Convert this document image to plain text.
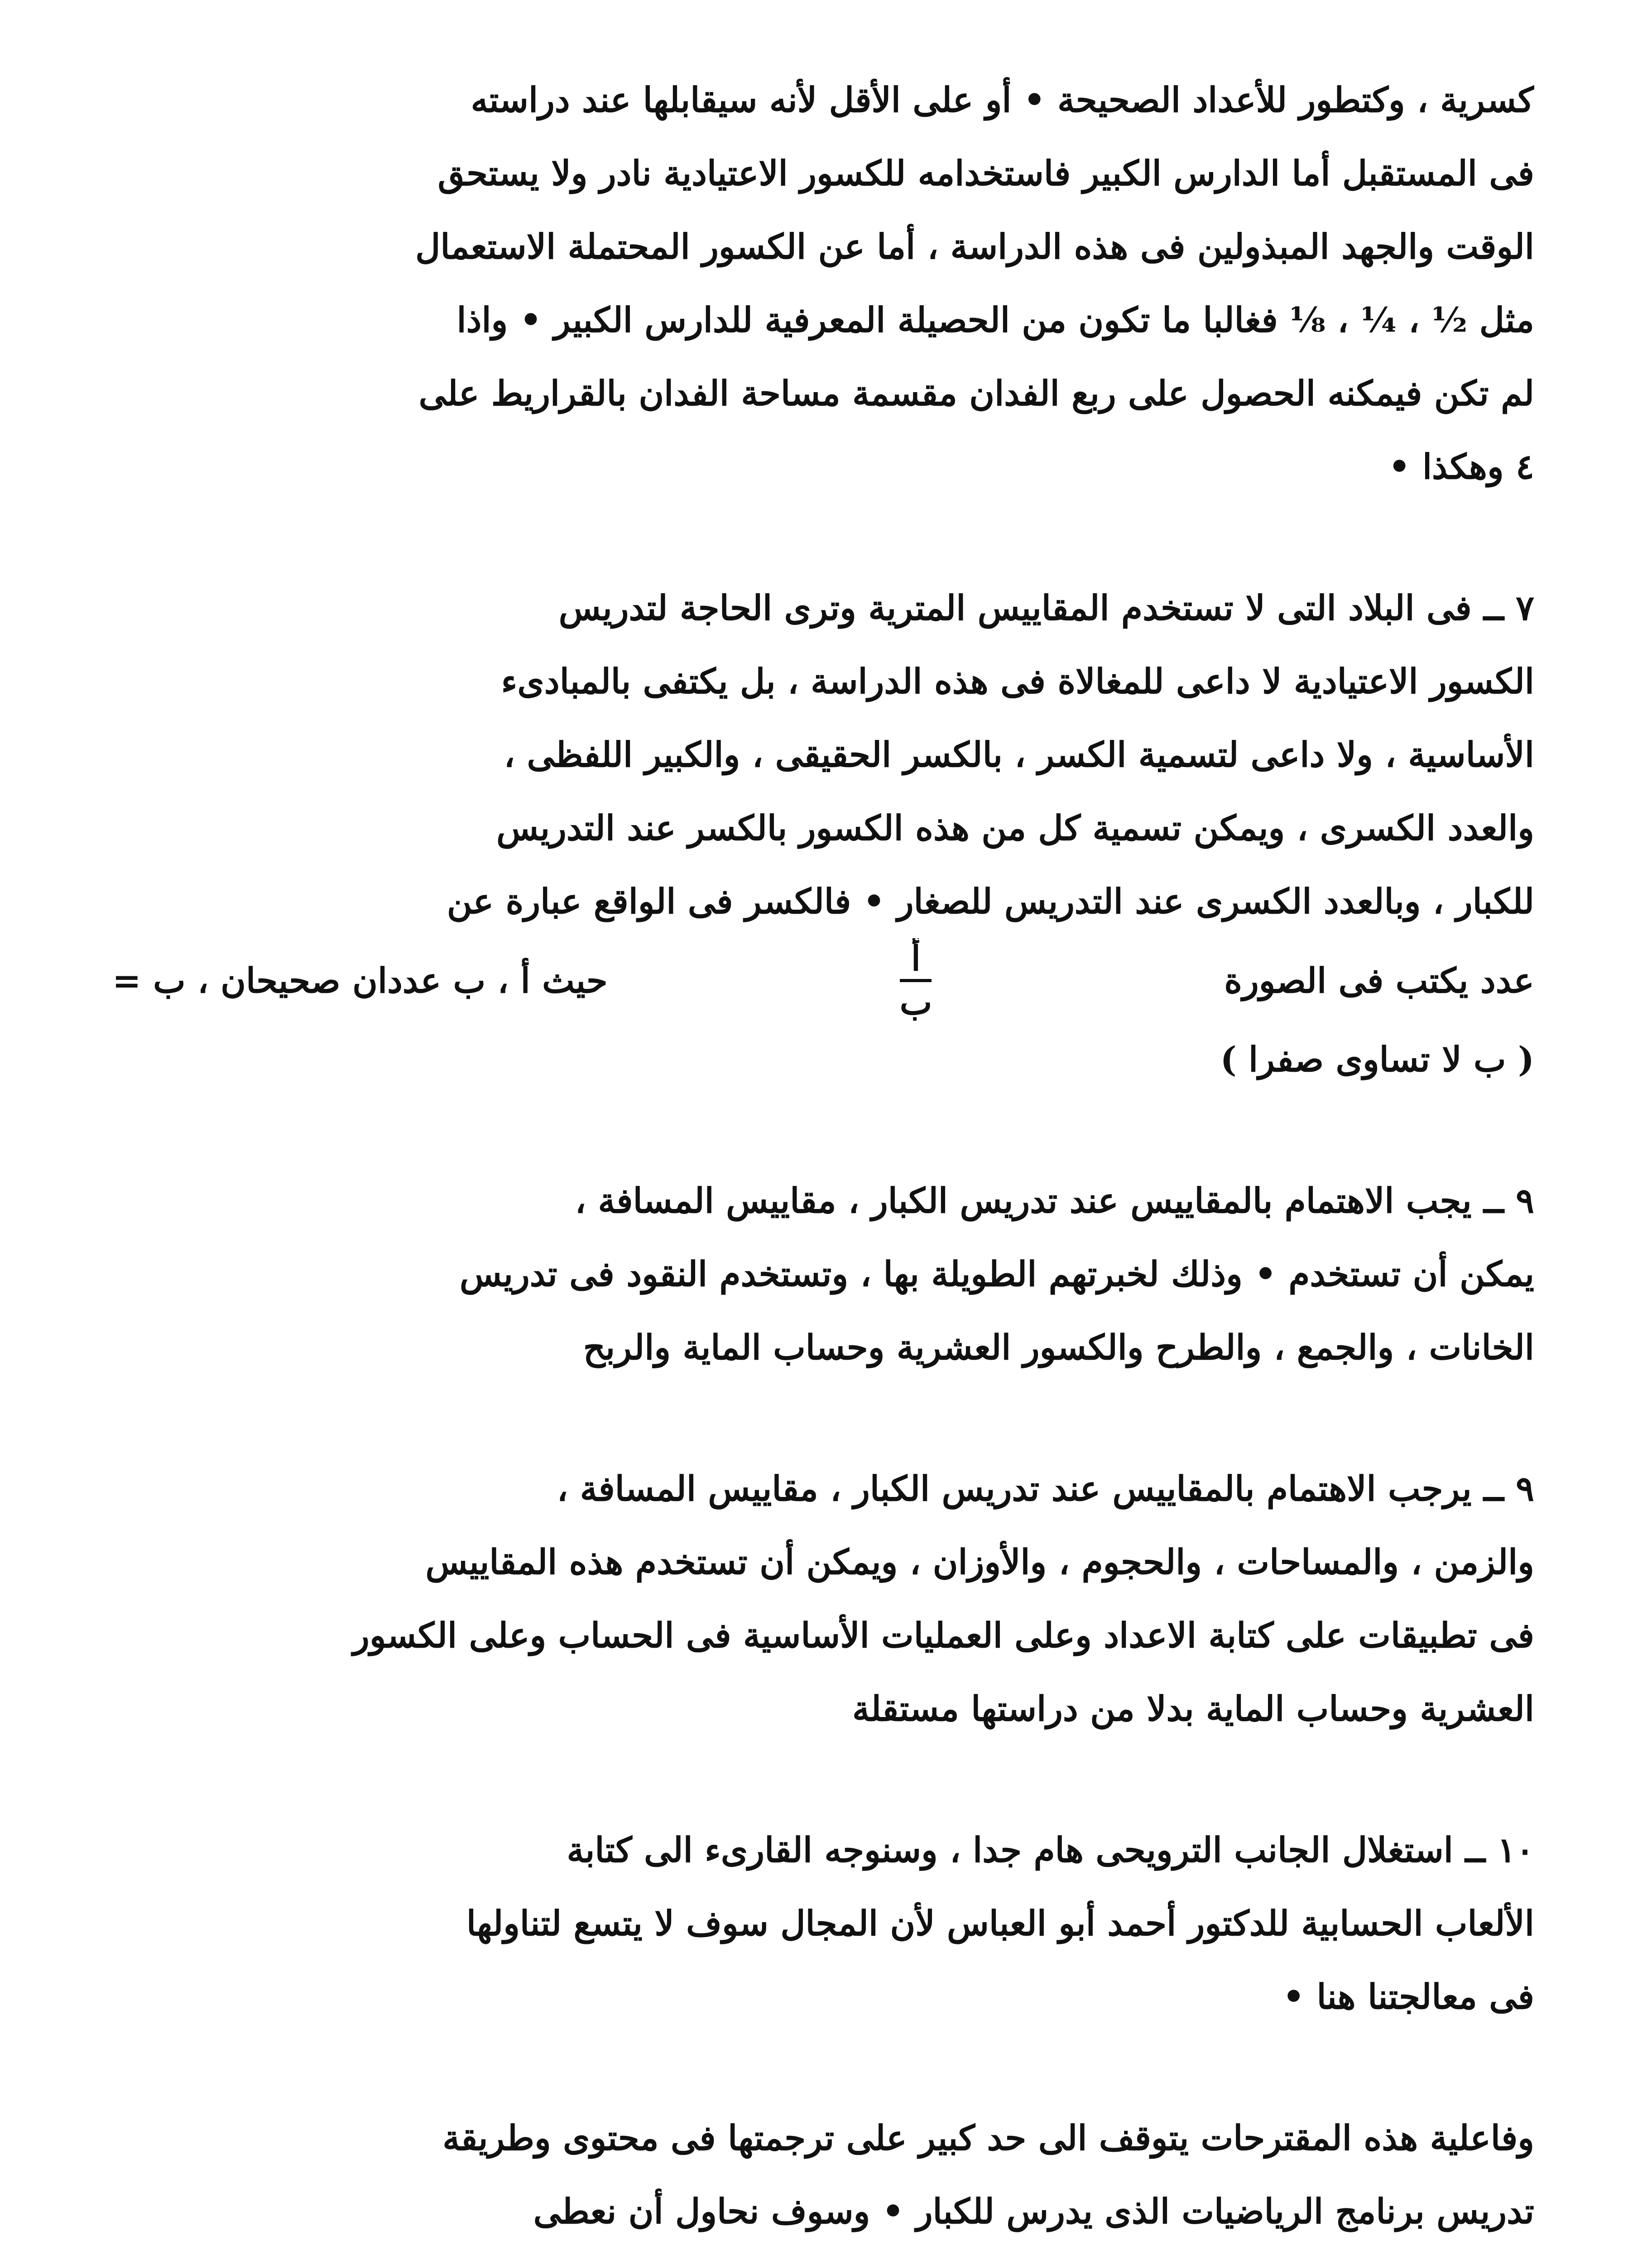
كسرية ، وكتطور للأعداد الصحيحة • أو على الأقل لأنه سيقابلها عند دراسته
فى المستقبل أما الدارس الكبير فاستخدامه للكسور الاعتيادية نادر ولا يستحق
الوقت والجهد المبذولين فى هذه الدراسة ، أما عن الكسور المحتملة الاستعمال
مثل ½ ، ¼ ، ⅛ فغالبا ما تكون من الحصيلة المعرفية للدارس الكبير • واذا
لم تكن فيمكنه الحصول على ربع الفدان مقسمة مساحة الفدان بالقراريط على
٤ وهكذا •
٧ ــ فى البلاد التى لا تستخدم المقاييس المترية وترى الحاجة لتدريس
الكسور الاعتيادية لا داعى للمغالاة فى هذه الدراسة ، بل يكتفى بالمبادىء
الأساسية ، ولا داعى لتسمية الكسر ، بالكسر الحقيقى ، والكبير اللفظى ،
والعدد الكسرى ، ويمكن تسمية كل من هذه الكسور بالكسر عند التدريس
للكبار ، وبالعدد الكسرى عند التدريس للصغار • فالكسر فى الواقع عبارة عن
عدد يكتب فى الصورة
أ
ب
حيث أ ، ب عددان صحيحان ، ب =
( ب لا تساوى صفرا )
٩ ــ يجب الاهتمام بالمقاييس عند تدريس الكبار ، مقاييس المسافة ،
يمكن أن تستخدم • وذلك لخبرتهم الطويلة بها ، وتستخدم النقود فى تدريس
الخانات ، والجمع ، والطرح والكسور العشرية وحساب الماية والربح
٩ ــ يرجب الاهتمام بالمقاييس عند تدريس الكبار ، مقاييس المسافة ،
والزمن ، والمساحات ، والحجوم ، والأوزان ، ويمكن أن تستخدم هذه المقاييس
فى تطبيقات على كتابة الاعداد وعلى العمليات الأساسية فى الحساب وعلى الكسور
العشرية وحساب الماية بدلا من دراستها مستقلة
١٠ ــ استغلال الجانب الترويحى هام جدا ، وسنوجه القارىء الى كتابة
الألعاب الحسابية للدكتور أحمد أبو العباس لأن المجال سوف لا يتسع لتناولها
فى معالجتنا هنا •
وفاعلية هذه المقترحات يتوقف الى حد كبير على ترجمتها فى محتوى وطريقة
تدريس برنامج الرياضيات الذى يدرس للكبار • وسوف نحاول أن نعطى
